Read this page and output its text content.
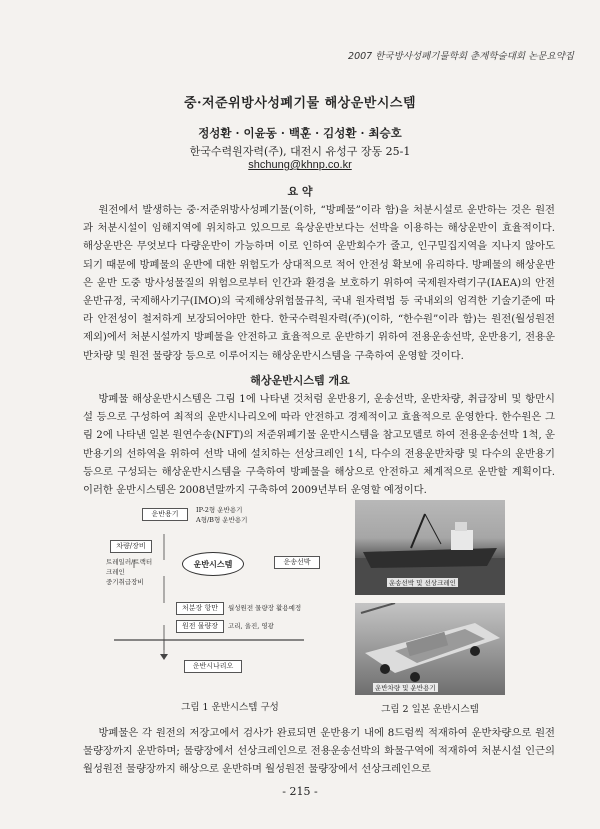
2007 한국방사성폐기물학회 춘계학술대회 논문요약집
중·저준위방사성폐기물 해상운반시스템
정성환 · 이윤동 · 백훈 · 김성환 · 최승호
한국수력원자력(주), 대전시 유성구 장동 25-1
shchung@khnp.co.kr
요 약

원전에서 발생하는 중·저준위방사성폐기물(이하, “방폐물”이라 함)을 처분시설로 운반하는 것은 원전과 처분시설이 임해지역에 위치하고 있으므로 육상운반보다는 선박을 이용하는 해상운반이 효율적이다. 해상운반은 무엇보다 다량운반이 가능하며 이로 인하여 운반회수가 줄고, 인구밀집지역을 지나지 않아도 되기 때문에 방폐물의 운반에 대한 위험도가 상대적으로 적어 안전성 확보에 유리하다. 방폐물의 해상운반은 운반 도중 방사성물질의 위험으로부터 인간과 환경을 보호하기 위하여 국제원자력기구(IAEA)의 안전운반규정, 국제해사기구(IMO)의 국제해상위험물규칙, 국내 원자력법 등 국내외의 엄격한 기술기준에 따라 안전성이 철저하게 보장되어야만 한다. 한국수력원자력(주)(이하, “한수원”이라 함)는 원전(월성원전 제외)에서 처분시설까지 방폐물을 안전하고 효율적으로 운반하기 위하여 전용운송선박, 운반용기, 전용운반차량 및 원전 물량장 등으로 이루어지는 해상운반시스템을 구축하여 운영할 것이다.

해상운반시스템 개요

방폐물 해상운반시스템은 그림 1에 나타낸 것처럼 운반용기, 운송선박, 운반차량, 취급장비 및 항만시설 등으로 구성하여 최적의 운반시나리오에 따라 안전하고 경제적이고 효율적으로 운영한다. 한수원은 그림 2에 나타낸 일본 원연수송(NFT)의 저준위폐기물 운반시스템을 참고모델로 하여 전용운송선박 1척, 운반용기의 선하역을 위하여 선박 내에 설치하는 선상크레인 1식, 다수의 전용운반차량 및 다수의 운반용기 등으로 구성되는 해상운반시스템을 구축하여 방폐물을 해상으로 안전하고 체계적으로 운반할 계획이다. 이러한 운반시스템은 2008년말까지 구축하여 2009년부터 운영할 예정이다.

운반용기	IP-2형 운반용기
A형/B형 운반용기
차량/장비
트레일러/트랙터
크레인
중기취급장비
운반시스템	운송선박
처분장 항만	월성원전 물량장 활용예정
원전 물량장	고리, 울진, 영광
운반시나리오
그림 1 운반시스템 구성
운송선박 및 선상크레인
운반차량 및 운반용기
그림 2 일본 운반시스템

방폐물은 각 원전의 저장고에서 검사가 완료되면 운반용기 내에 8드럼씩 적재하여 운반차량으로 원전 물량장까지 운반하며; 물량장에서 선상크레인으로 전용운송선박의 화물구역에 적재하여 처분시설 인근의 월성원전 물량장까지 해상으로 운반하며 월성원전 물량장에서 선상크레인으로

- 215 -
